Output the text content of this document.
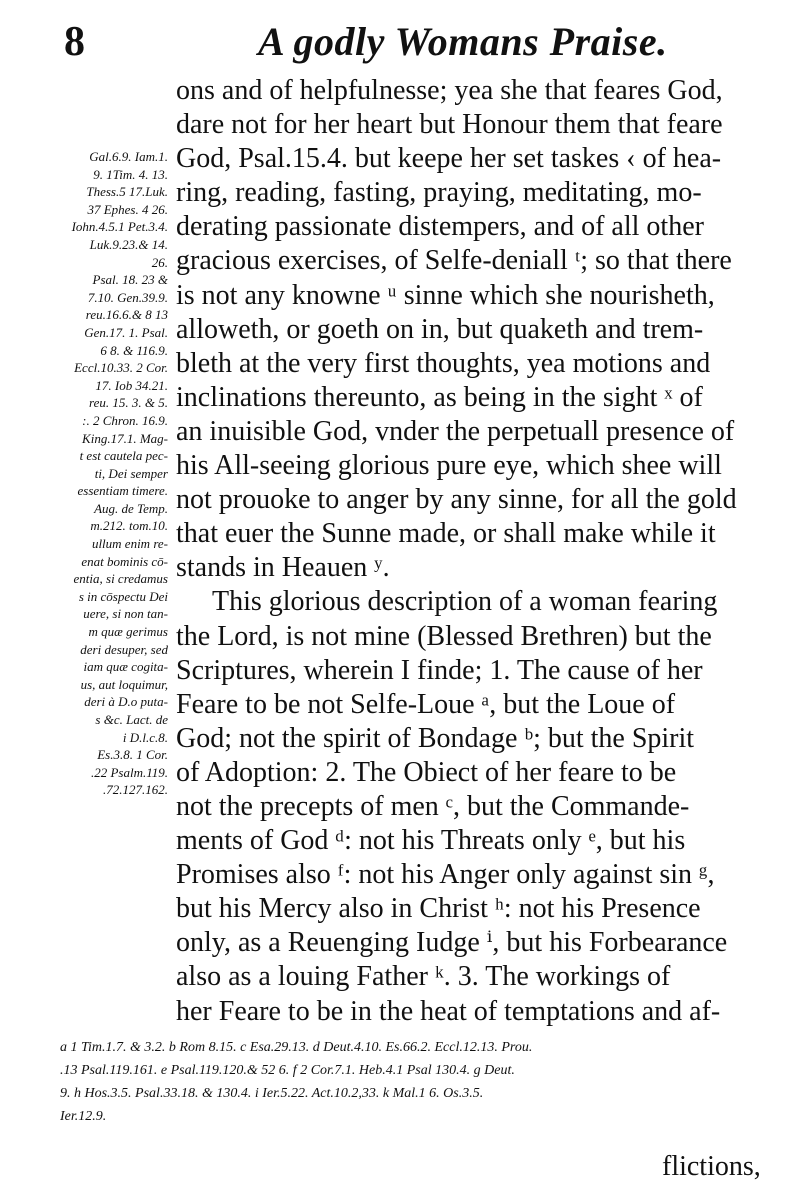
8	A godly Womans Praise.
Gal.6.9. Iam.1.
9. 1Tim. 4. 13.
Thess.5 17.Luk.
37 Ephes. 4 26.
Iohn.4.5.1 Pet.3.4.
Luk.9.23.& 14.
26.
Psal. 18. 23 &
7.10. Gen.39.9.
reu.16.6.& 8 13
Gen.17. 1. Psal.
6 8. & 116.9.
Eccl.10.33. 2 Cor.
17. Iob 34.21.
reu. 15. 3. & 5.
:. 2 Chron. 16.9.
King.17.1. Mag-
t est cautela pec-
ti, Dei semper
essentiam timere.
Aug. de Temp.
m.212. tom.10.
ullum enim re-
enat bominis cō-
entia, si credamus
s in cōspectu Dei
uere, si non tan-
m quæ gerimus
deri desuper, sed
iam quæ cogita-
us, aut loquimur,
deri à D.o puta-
s &c. Lact. de
i D.l.c.8.
Es.3.8. 1 Cor.
.22 Psalm.119.
.72.127.162.
ons and of helpfulnesse; yea she that feares God,
dare not for her heart but Honour them that feare
God, Psal.15.4. but keepe her set taskes ‹ of hea-
ring, reading, fasting, praying, meditating, mo-
derating passionate distempers, and of all other
gracious exercises, of Selfe-deniall ᵗ; so that there
is not any knowne ᵘ sinne which she nourisheth,
alloweth, or goeth on in, but quaketh and trem-
bleth at the very first thoughts, yea motions and
inclinations thereunto, as being in the sight ˣ of
an inuisible God, vnder the perpetuall presence of
his All-seeing glorious pure eye, which shee will
not prouoke to anger by any sinne, for all the gold
that euer the Sunne made, or shall make while it
stands in Heauen ʸ.
This glorious description of a woman fearing
the Lord, is not mine (Blessed Brethren) but the
Scriptures, wherein I finde; 1. The cause of her
Feare to be not Selfe-Loue ᵃ, but the Loue of
God; not the spirit of Bondage ᵇ; but the Spirit
of Adoption: 2. The Obiect of her feare to be
not the precepts of men ᶜ, but the Commande-
ments of God ᵈ: not his Threats only ᵉ, but his
Promises also ᶠ: not his Anger only against sin ᵍ,
but his Mercy also in Christ ʰ: not his Presence
only, as a Reuenging Iudge ⁱ, but his Forbearance
also as a louing Father ᵏ. 3. The workings of
her Feare to be in the heat of temptations and af-
a 1 Tim.1.7. & 3.2. b Rom 8.15. c Esa.29.13. d Deut.4.10. Es.66.2. Eccl.12.13. Prou.
.13 Psal.119.161. e Psal.119.120.& 52 6. f 2 Cor.7.1. Heb.4.1 Psal 130.4. g Deut.
9. h Hos.3.5. Psal.33.18. & 130.4. i Ier.5.22. Act.10.2,33. k Mal.1 6. Os.3.5.
Ier.12.9.
flictions,
